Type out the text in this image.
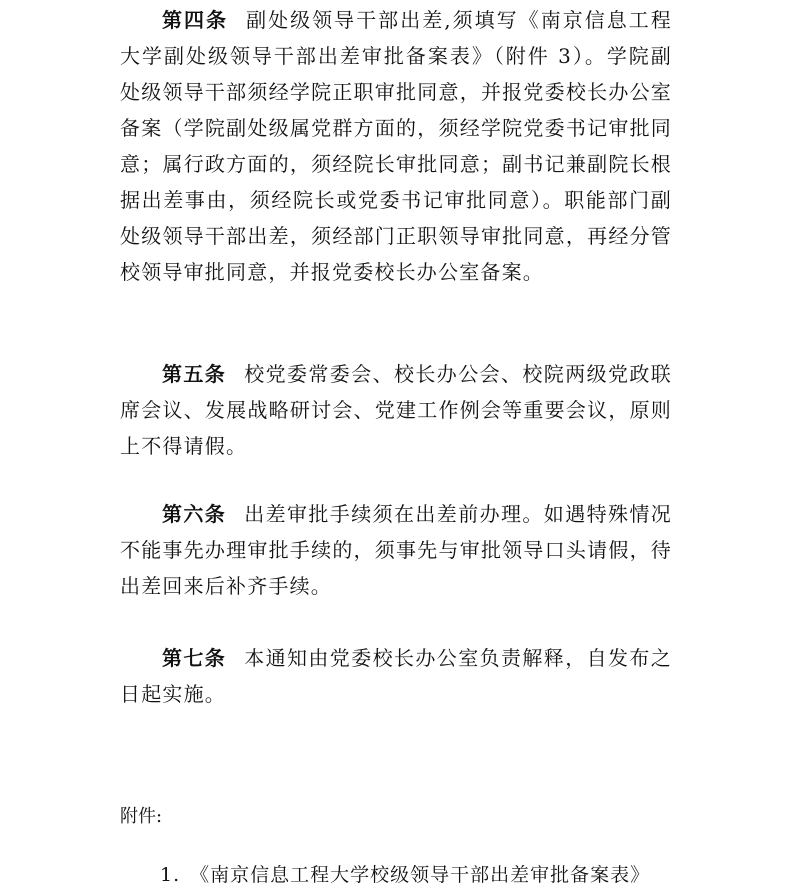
第四条 副处级领导干部出差,须填写《南京信息工程大学副处级领导干部出差审批备案表》（附件 3）。学院副处级领导干部须经学院正职审批同意，并报党委校长办公室备案（学院副处级属党群方面的，须经学院党委书记审批同意；属行政方面的，须经院长审批同意；副书记兼副院长根据出差事由，须经院长或党委书记审批同意）。职能部门副处级领导干部出差，须经部门正职领导审批同意，再经分管校领导审批同意，并报党委校长办公室备案。

第五条 校党委常委会、校长办公会、校院两级党政联席会议、发展战略研讨会、党建工作例会等重要会议，原则上不得请假。

第六条 出差审批手续须在出差前办理。如遇特殊情况不能事先办理审批手续的，须事先与审批领导口头请假，待出差回来后补齐手续。

第七条 本通知由党委校长办公室负责解释，自发布之日起实施。

附件:

1. 《南京信息工程大学校级领导干部出差审批备案表》
